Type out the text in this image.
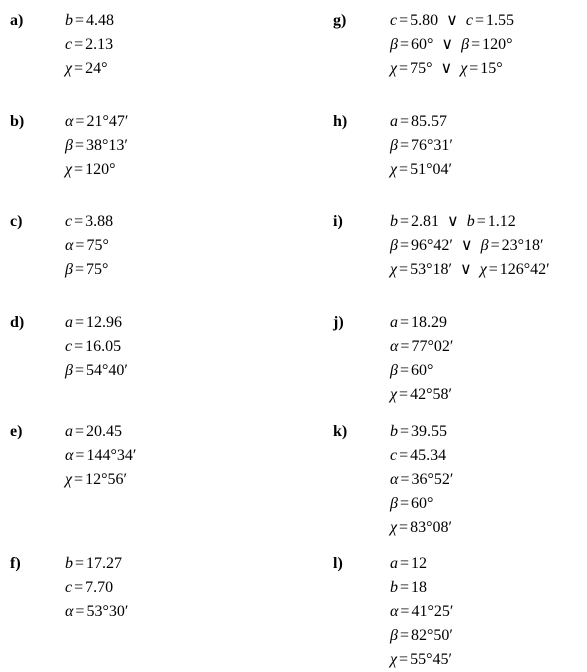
a)	b = 4.48
c = 2.13
χ = 24°
b)	α = 21°47′
β = 38°13′
χ = 120°
c)	c = 3.88
α = 75°
β = 75°
d)	a = 12.96
c = 16.05
β = 54°40′
e)	a = 20.45
α = 144°34′
χ = 12°56′
f)	b = 17.27
c = 7.70
α = 53°30′
g)	c = 5.80 ∨ c = 1.55
β = 60° ∨ β = 120°
χ = 75° ∨ χ = 15°
h)	a = 85.57
β = 76°31′
χ = 51°04′
i)	b = 2.81 ∨ b = 1.12
β = 96°42′ ∨ β = 23°18′
χ = 53°18′ ∨ χ = 126°42′
j)	a = 18.29
α = 77°02′
β = 60°
χ = 42°58′
k)	b = 39.55
c = 45.34
α = 36°52′
β = 60°
χ = 83°08′
l)	a = 12
b = 18
α = 41°25′
β = 82°50′
χ = 55°45′
